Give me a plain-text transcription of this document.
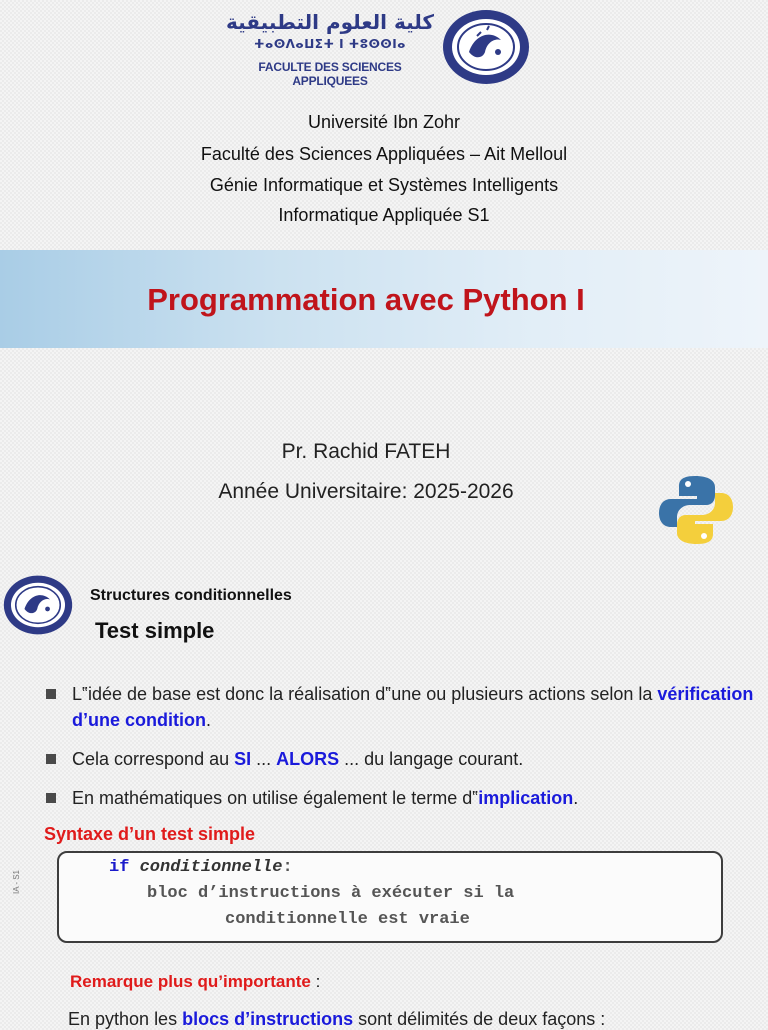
كلية العلوم التطبيقية
ⵜⴰⵙⴷⴰⵡⵉⵜ ⵏ ⵜⵓⵙⵙⵏⴰ
FACULTE DES SCIENCES APPLIQUEES
Université Ibn Zohr
Faculté des Sciences Appliquées – Ait Melloul
Génie Informatique et Systèmes Intelligents
Informatique Appliquée S1
Programmation avec Python I
Pr. Rachid FATEH
Année Universitaire: 2025-2026
Structures conditionnelles
Test simple
L‟idée de base est donc la réalisation d‟une ou plusieurs actions selon la vérification d’une condition.
Cela correspond au SI ... ALORS ... du langage courant.
En mathématiques on utilise également le terme d‟implication.
Syntaxe d’un test simple
if conditionnelle:
bloc d’instructions à exécuter si la
conditionnelle est vraie
IA - S1
Remarque plus qu’importante :
En python les blocs d’instructions sont délimités de deux façons :
